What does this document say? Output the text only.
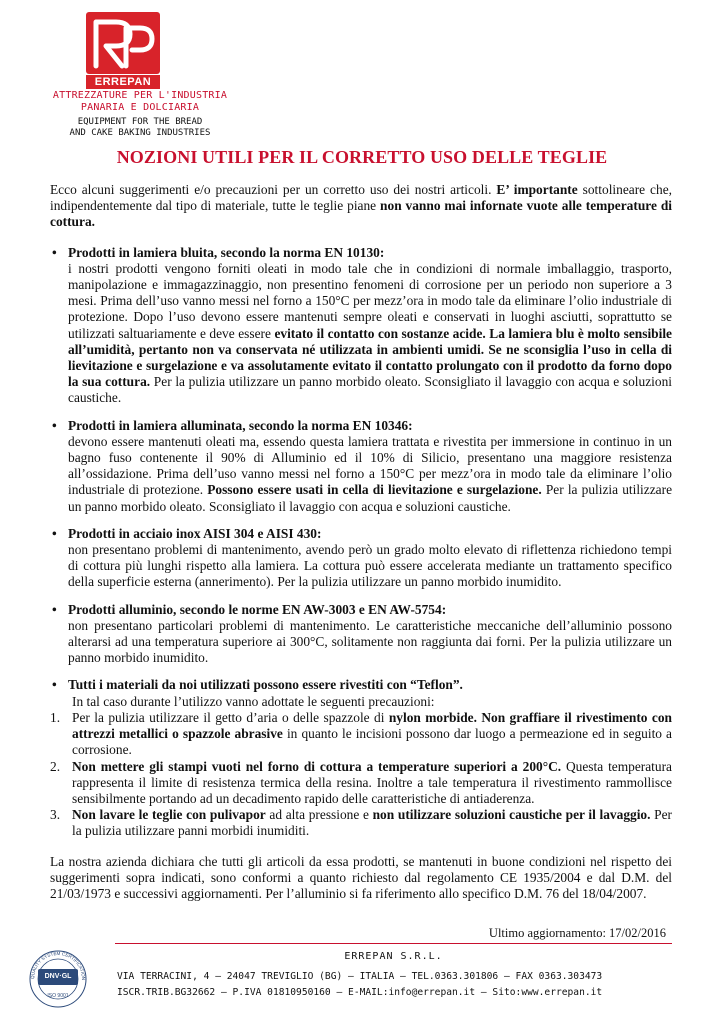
ERREPAN
ATTREZZATURE PER L'INDUSTRIA
PANARIA E DOLCIARIA
EQUIPMENT FOR THE BREAD
AND CAKE BAKING INDUSTRIES
NOZIONI UTILI PER IL CORRETTO USO DELLE TEGLIE

Ecco alcuni suggerimenti e/o precauzioni per un corretto uso dei nostri articoli. E’ importante sottolineare che, indipendentemente dal tipo di materiale, tutte le teglie piane non vanno mai infornate vuote alle temperature di cottura.

• Prodotti in lamiera bluita, secondo la norma EN 10130:
i nostri prodotti vengono forniti oleati in modo tale che in condizioni di normale imballaggio, trasporto, manipolazione e immagazzinaggio, non presentino fenomeni di corrosione per un periodo non superiore a 3 mesi. Prima dell’uso vanno messi nel forno a 150°C per mezz’ora in modo tale da eliminare l’olio industriale di protezione. Dopo l’uso devono essere mantenuti sempre oleati e conservati in luoghi asciutti, soprattutto se utilizzati saltuariamente e deve essere evitato il contatto con sostanze acide. La lamiera blu è molto sensibile all’umidità, pertanto non va conservata né utilizzata in ambienti umidi. Se ne sconsiglia l’uso in cella di lievitazione e surgelazione e va assolutamente evitato il contatto prolungato con il prodotto da forno dopo la sua cottura. Per la pulizia utilizzare un panno morbido oleato. Sconsigliato il lavaggio con acqua e soluzioni caustiche.
• Prodotti in lamiera alluminata, secondo la norma EN 10346:
devono essere mantenuti oleati ma, essendo questa lamiera trattata e rivestita per immersione in continuo in un bagno fuso contenente il 90% di Alluminio ed il 10% di Silicio, presentano una maggiore resistenza all’ossidazione. Prima dell’uso vanno messi nel forno a 150°C per mezz’ora in modo tale da eliminare l’olio industriale di protezione. Possono essere usati in cella di lievitazione e surgelazione. Per la pulizia utilizzare un panno morbido oleato. Sconsigliato il lavaggio con acqua e soluzioni caustiche.
• Prodotti in acciaio inox AISI 304 e AISI 430:
non presentano problemi di mantenimento, avendo però un grado molto elevato di riflettenza richiedono tempi di cottura più lunghi rispetto alla lamiera. La cottura può essere accelerata mediante un trattamento specifico della superficie esterna (annerimento). Per la pulizia utilizzare un panno morbido inumidito.
• Prodotti alluminio, secondo le norme EN AW-3003 e EN AW-5754:
non presentano particolari problemi di mantenimento. Le caratteristiche meccaniche dell’alluminio possono alterarsi ad una temperatura superiore ai 300°C, solitamente non raggiunta dai forni. Per la pulizia utilizzare un panno morbido inumidito.
• Tutti i materiali da noi utilizzati possono essere rivestiti con “Teflon”.
In tal caso durante l’utilizzo vanno adottate le seguenti precauzioni:
1. Per la pulizia utilizzare il getto d’aria o delle spazzole di nylon morbide. Non graffiare il rivestimento con attrezzi metallici o spazzole abrasive in quanto le incisioni possono dar luogo a permeazione ed in seguito a corrosione.
2. Non mettere gli stampi vuoti nel forno di cottura a temperature superiori a 200°C. Questa temperatura rappresenta il limite di resistenza termica della resina. Inoltre a tale temperatura il rivestimento rammollisce sensibilmente portando ad un decadimento rapido delle caratteristiche di antiaderenza.
3. Non lavare le teglie con pulivapor ad alta pressione e non utilizzare soluzioni caustiche per il lavaggio. Per la pulizia utilizzare panni morbidi inumiditi.

La nostra azienda dichiara che tutti gli articoli da essa prodotti, se mantenuti in buone condizioni nel rispetto dei suggerimenti sopra indicati, sono conformi a quanto richiesto dal regolamento CE 1935/2004 e dal D.M. del 21/03/1973 e successivi aggiornamenti. Per l’alluminio si fa riferimento allo specifico D.M. 76 del 18/04/2007.

Ultimo aggiornamento: 17/02/2016
QUALITY SYSTEM CERTIFICATION
DNV·GL
ISO 9001
ERREPAN S.R.L.
VIA TERRACINI, 4 – 24047 TREVIGLIO (BG) – ITALIA – TEL.0363.301806 – FAX 0363.303473
ISCR.TRIB.BG32662 – P.IVA 01810950160 – E-MAIL:info@errepan.it – Sito:www.errepan.it
